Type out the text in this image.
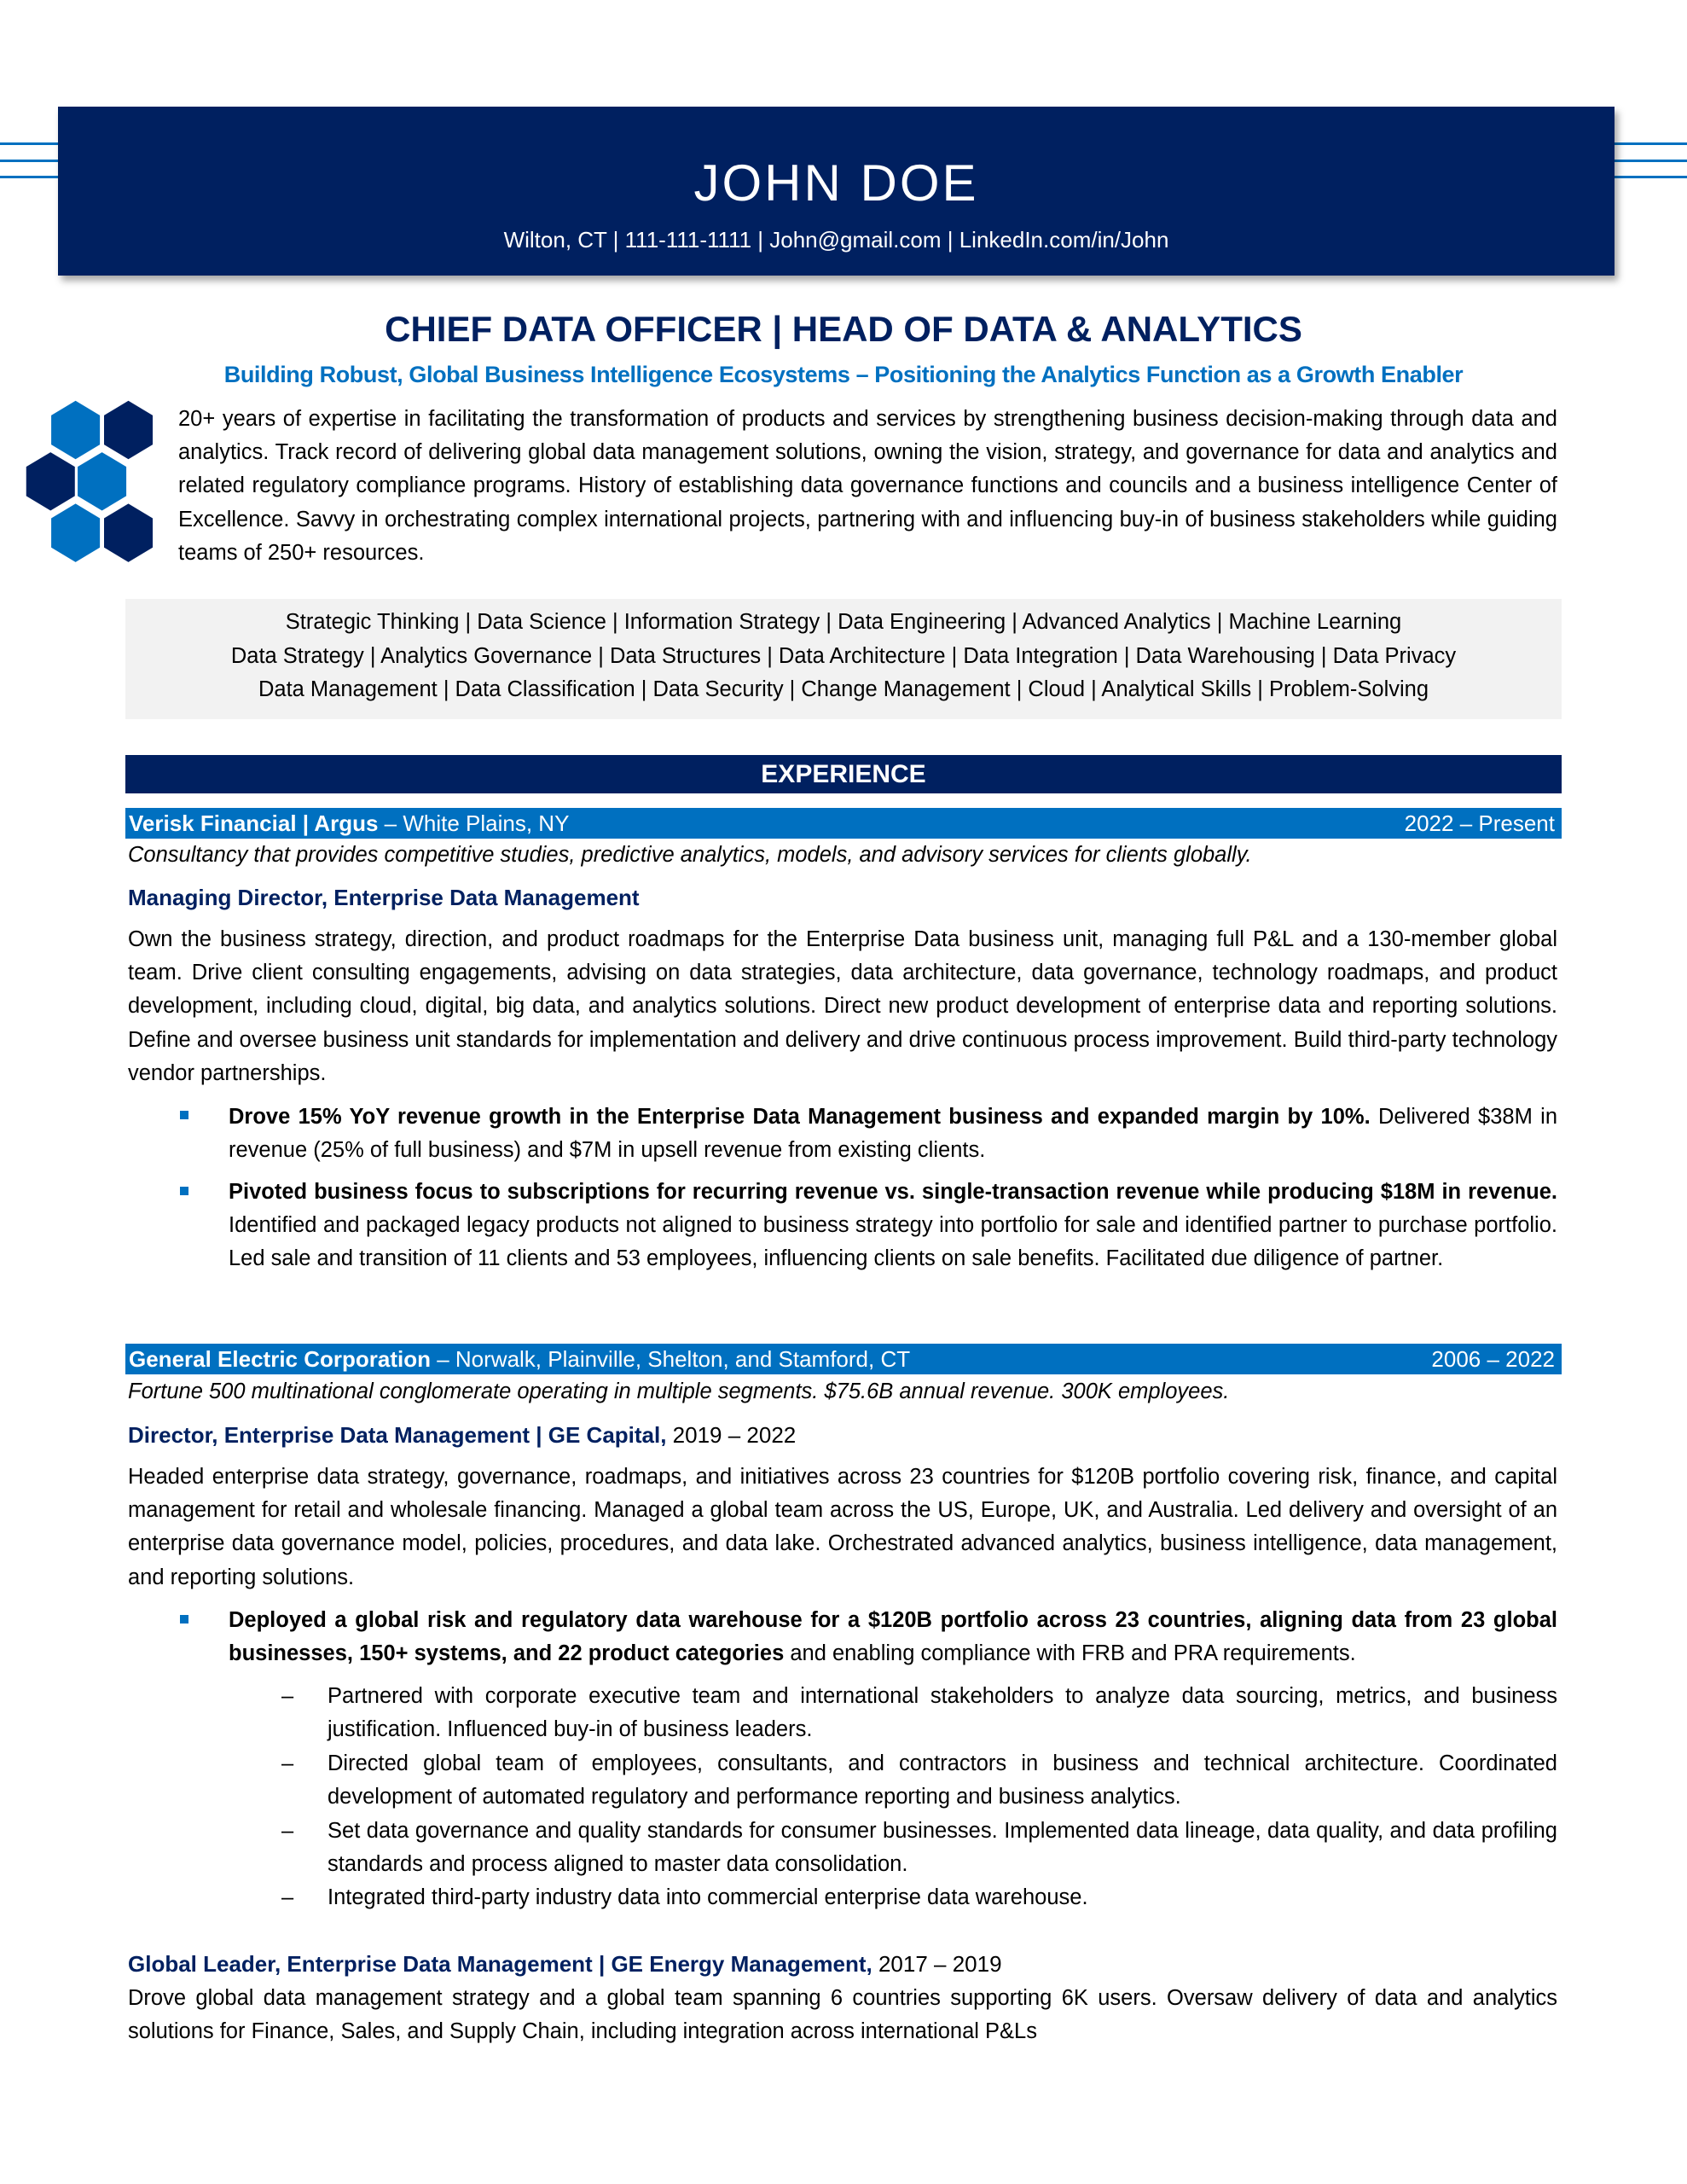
JOHN DOE
Wilton, CT | 111-111-1111 | John@gmail.com | LinkedIn.com/in/John
CHIEF DATA OFFICER | HEAD OF DATA & ANALYTICS
Building Robust, Global Business Intelligence Ecosystems – Positioning the Analytics Function as a Growth Enabler
20+ years of expertise in facilitating the transformation of products and services by strengthening business decision-making through data and analytics. Track record of delivering global data management solutions, owning the vision, strategy, and governance for data and analytics and related regulatory compliance programs. History of establishing data governance functions and councils and a business intelligence Center of Excellence. Savvy in orchestrating complex international projects, partnering with and influencing buy-in of business stakeholders while guiding teams of 250+ resources.
Strategic Thinking | Data Science | Information Strategy | Data Engineering | Advanced Analytics | Machine Learning
Data Strategy | Analytics Governance | Data Structures | Data Architecture | Data Integration | Data Warehousing | Data Privacy
Data Management | Data Classification | Data Security | Change Management | Cloud | Analytical Skills | Problem-Solving
EXPERIENCE
Verisk Financial | Argus – White Plains, NY	2022 – Present
Consultancy that provides competitive studies, predictive analytics, models, and advisory services for clients globally.
Managing Director, Enterprise Data Management
Own the business strategy, direction, and product roadmaps for the Enterprise Data business unit, managing full P&L and a 130-member global team. Drive client consulting engagements, advising on data strategies, data architecture, data governance, technology roadmaps, and product development, including cloud, digital, big data, and analytics solutions. Direct new product development of enterprise data and reporting solutions. Define and oversee business unit standards for implementation and delivery and drive continuous process improvement. Build third-party technology vendor partnerships.
Drove 15% YoY revenue growth in the Enterprise Data Management business and expanded margin by 10%. Delivered $38M in revenue (25% of full business) and $7M in upsell revenue from existing clients.
Pivoted business focus to subscriptions for recurring revenue vs. single-transaction revenue while producing $18M in revenue. Identified and packaged legacy products not aligned to business strategy into portfolio for sale and identified partner to purchase portfolio. Led sale and transition of 11 clients and 53 employees, influencing clients on sale benefits. Facilitated due diligence of partner.
General Electric Corporation – Norwalk, Plainville, Shelton, and Stamford, CT	2006 – 2022
Fortune 500 multinational conglomerate operating in multiple segments. $75.6B annual revenue. 300K employees.
Director, Enterprise Data Management | GE Capital, 2019 – 2022
Headed enterprise data strategy, governance, roadmaps, and initiatives across 23 countries for $120B portfolio covering risk, finance, and capital management for retail and wholesale financing. Managed a global team across the US, Europe, UK, and Australia. Led delivery and oversight of an enterprise data governance model, policies, procedures, and data lake. Orchestrated advanced analytics, business intelligence, data management, and reporting solutions.
Deployed a global risk and regulatory data warehouse for a $120B portfolio across 23 countries, aligning data from 23 global businesses, 150+ systems, and 22 product categories and enabling compliance with FRB and PRA requirements.
– Partnered with corporate executive team and international stakeholders to analyze data sourcing, metrics, and business justification. Influenced buy-in of business leaders.
– Directed global team of employees, consultants, and contractors in business and technical architecture. Coordinated development of automated regulatory and performance reporting and business analytics.
– Set data governance and quality standards for consumer businesses. Implemented data lineage, data quality, and data profiling standards and process aligned to master data consolidation.
– Integrated third-party industry data into commercial enterprise data warehouse.
Global Leader, Enterprise Data Management | GE Energy Management, 2017 – 2019
Drove global data management strategy and a global team spanning 6 countries supporting 6K users. Oversaw delivery of data and analytics solutions for Finance, Sales, and Supply Chain, including integration across international P&Ls
